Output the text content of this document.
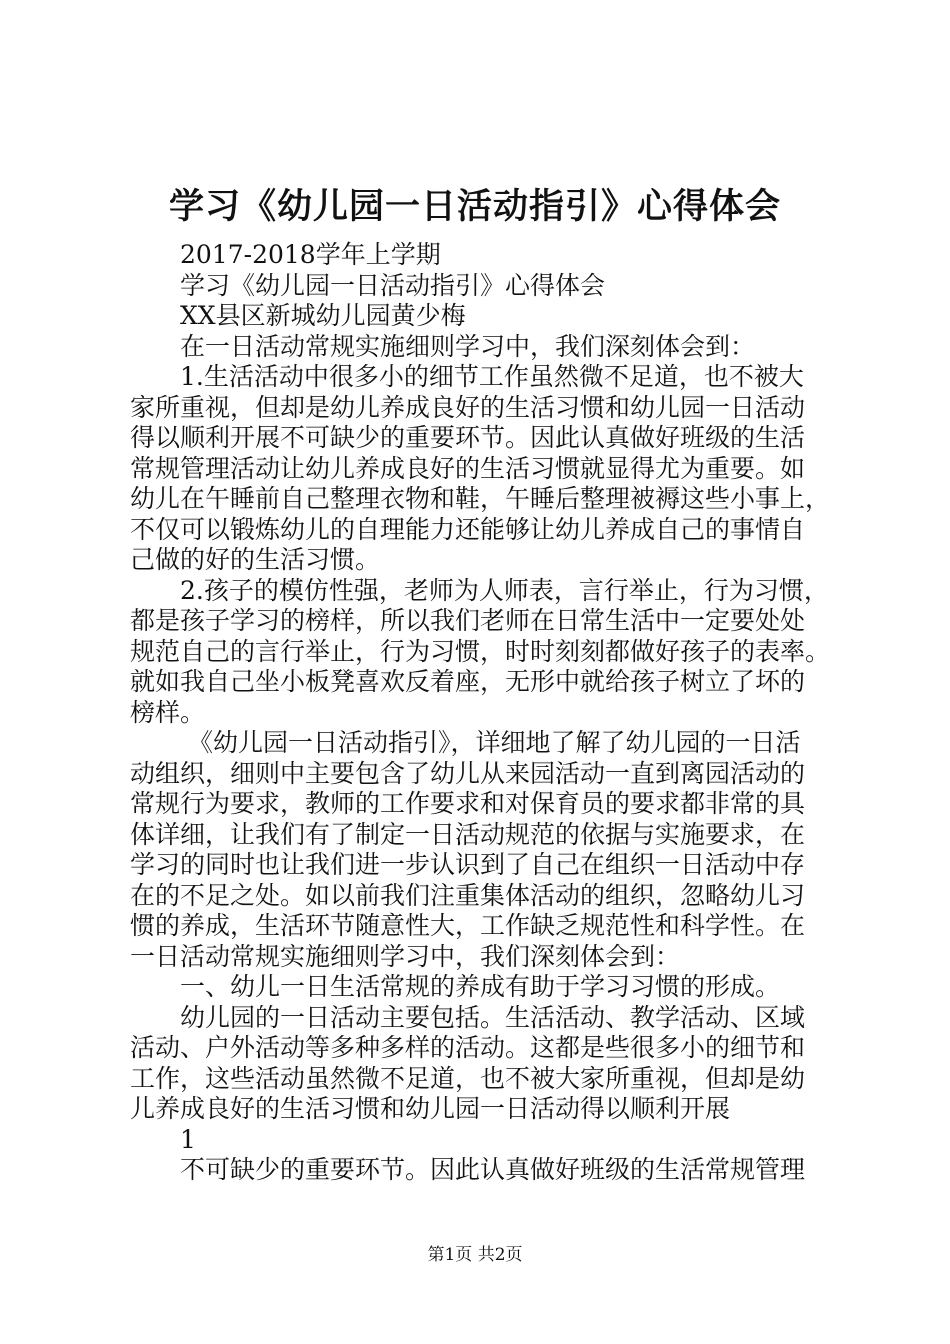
学习《幼儿园一日活动指引》心得体会
2017-2018学年上学期
学习《幼儿园一日活动指引》心得体会
XX县区新城幼儿园黄少梅
在一日活动常规实施细则学习中，我们深刻体会到：
1.生活活动中很多小的细节工作虽然微不足道，也不被大
家所重视，但却是幼儿养成良好的生活习惯和幼儿园一日活动
得以顺利开展不可缺少的重要环节。因此认真做好班级的生活
常规管理活动让幼儿养成良好的生活习惯就显得尤为重要。如
幼儿在午睡前自己整理衣物和鞋，午睡后整理被褥这些小事上，
不仅可以锻炼幼儿的自理能力还能够让幼儿养成自己的事情自
己做的好的生活习惯。
2.孩子的模仿性强，老师为人师表，言行举止，行为习惯，
都是孩子学习的榜样，所以我们老师在日常生活中一定要处处
规范自己的言行举止，行为习惯，时时刻刻都做好孩子的表率。
就如我自己坐小板凳喜欢反着座，无形中就给孩子树立了坏的
榜样。
《幼儿园一日活动指引》，详细地了解了幼儿园的一日活
动组织，细则中主要包含了幼儿从来园活动一直到离园活动的
常规行为要求，教师的工作要求和对保育员的要求都非常的具
体详细，让我们有了制定一日活动规范的依据与实施要求，在
学习的同时也让我们进一步认识到了自己在组织一日活动中存
在的不足之处。如以前我们注重集体活动的组织，忽略幼儿习
惯的养成，生活环节随意性大，工作缺乏规范性和科学性。在
一日活动常规实施细则学习中，我们深刻体会到：
一、幼儿一日生活常规的养成有助于学习习惯的形成。
幼儿园的一日活动主要包括。生活活动、教学活动、区域
活动、户外活动等多种多样的活动。这都是些很多小的细节和
工作，这些活动虽然微不足道，也不被大家所重视，但却是幼
儿养成良好的生活习惯和幼儿园一日活动得以顺利开展
1
不可缺少的重要环节。因此认真做好班级的生活常规管理
第1页 共2页
